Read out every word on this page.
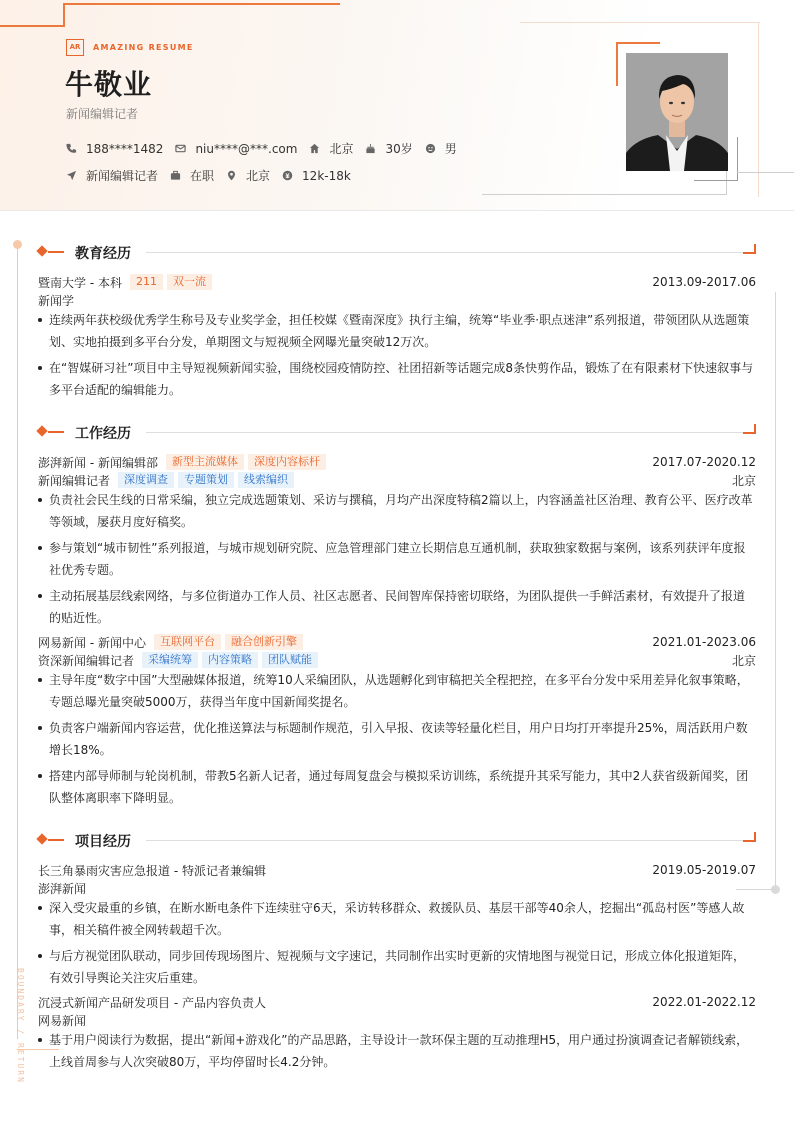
BOUNDARY / RETURN
AR	AMAZING RESUME
牛敬业
新闻编辑记者
188****1482	niu****@***.com	北京	30岁	男
新闻编辑记者	在职	北京	12k-18k
教育经历
暨南大学 - 本科	211	双一流	2013.09-2017.06
新闻学
连续两年获校级优秀学生称号及专业奖学金，担任校媒《暨南深度》执行主编，统筹“毕业季·职点迷津”系列报道，带领团队从选题策划、实地拍摄到多平台分发，单期图文与短视频全网曝光量突破12万次。
在“智媒研习社”项目中主导短视频新闻实验，围绕校园疫情防控、社团招新等话题完成8条快剪作品，锻炼了在有限素材下快速叙事与多平台适配的编辑能力。
工作经历
澎湃新闻 - 新闻编辑部	新型主流媒体	深度内容标杆	2017.07-2020.12
新闻编辑记者	深度调查	专题策划	线索编织	北京
负责社会民生线的日常采编，独立完成选题策划、采访与撰稿，月均产出深度特稿2篇以上，内容涵盖社区治理、教育公平、医疗改革等领域，屡获月度好稿奖。
参与策划“城市韧性”系列报道，与城市规划研究院、应急管理部门建立长期信息互通机制，获取独家数据与案例，该系列获评年度报社优秀专题。
主动拓展基层线索网络，与多位街道办工作人员、社区志愿者、民间智库保持密切联络，为团队提供一手鲜活素材，有效提升了报道的贴近性。
网易新闻 - 新闻中心	互联网平台	融合创新引擎	2021.01-2023.06
资深新闻编辑记者	采编统筹	内容策略	团队赋能	北京
主导年度“数字中国”大型融媒体报道，统筹10人采编团队，从选题孵化到审稿把关全程把控，在多平台分发中采用差异化叙事策略，专题总曝光量突破5000万，获得当年度中国新闻奖提名。
负责客户端新闻内容运营，优化推送算法与标题制作规范，引入早报、夜读等轻量化栏目，用户日均打开率提升25%，周活跃用户数增长18%。
搭建内部导师制与轮岗机制，带教5名新人记者，通过每周复盘会与模拟采访训练，系统提升其采写能力，其中2人获省级新闻奖，团队整体离职率下降明显。
项目经历
长三角暴雨灾害应急报道 - 特派记者兼编辑	2019.05-2019.07
澎湃新闻
深入受灾最重的乡镇，在断水断电条件下连续驻守6天，采访转移群众、救援队员、基层干部等40余人，挖掘出“孤岛村医”等感人故事，相关稿件被全网转载超千次。
与后方视觉团队联动，同步回传现场图片、短视频与文字速记，共同制作出实时更新的灾情地图与视觉日记，形成立体化报道矩阵，有效引导舆论关注灾后重建。
沉浸式新闻产品研发项目 - 产品内容负责人	2022.01-2022.12
网易新闻
基于用户阅读行为数据，提出“新闻+游戏化”的产品思路，主导设计一款环保主题的互动推理H5，用户通过扮演调查记者解锁线索，上线首周参与人次突破80万，平均停留时长4.2分钟。
